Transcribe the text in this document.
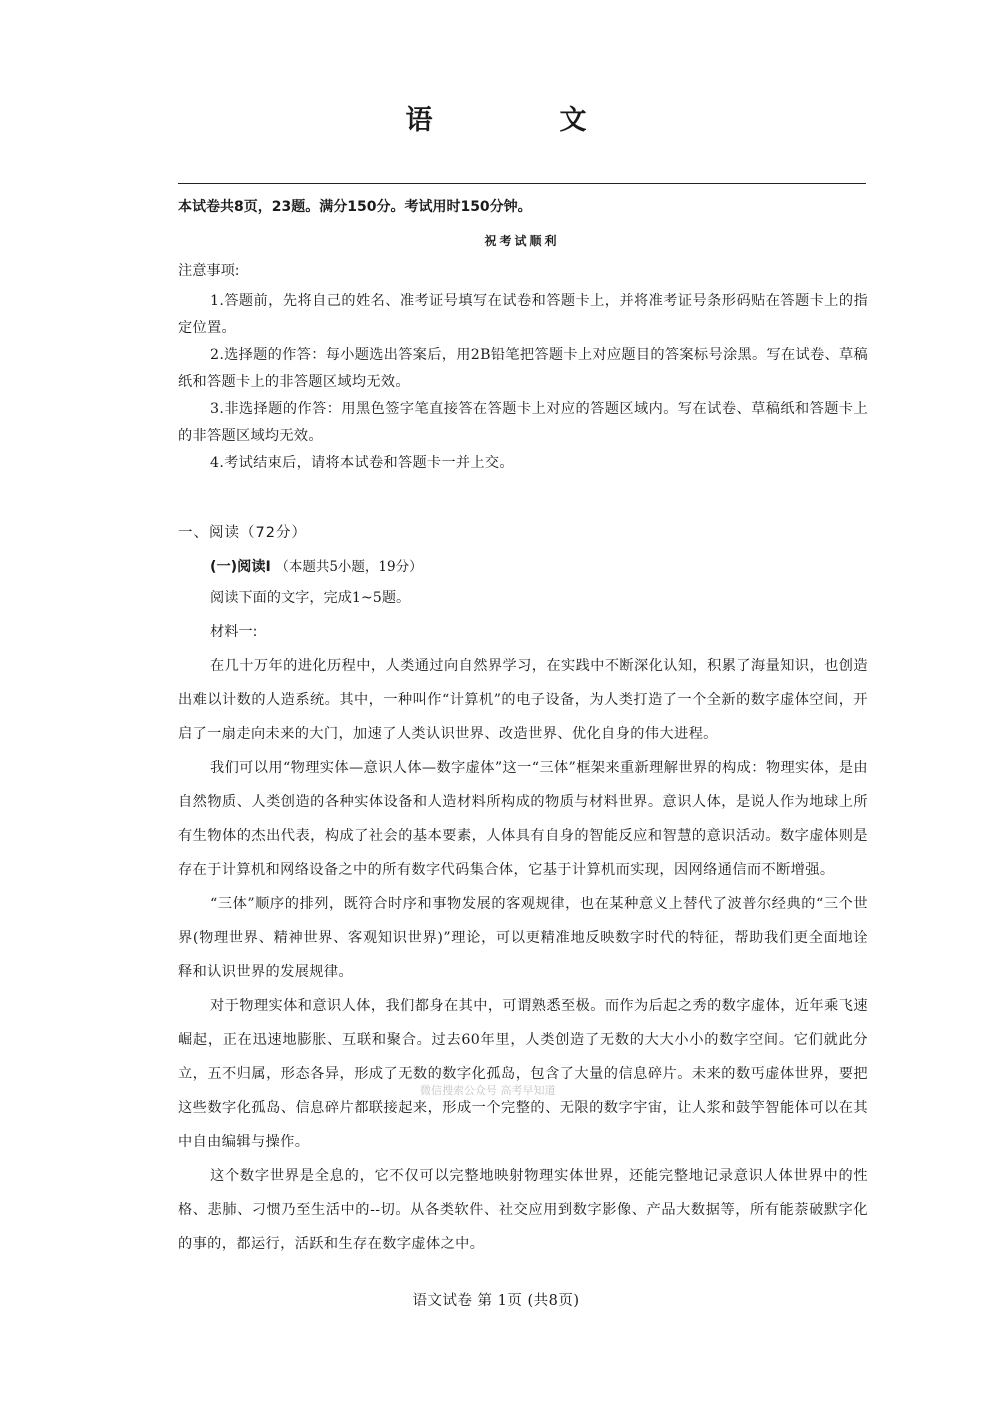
语　文
本试卷共8页，23题。满分150分。考试用时150分钟。
祝考试顺利
注意事项:

1.答题前，先将自己的姓名、准考证号填写在试卷和答题卡上，并将准考证号条形码贴在答题卡上的指定位置。

2.选择题的作答：每小题选出答案后，用2B铅笔把答题卡上对应题目的答案标号涂黑。写在试卷、草稿纸和答题卡上的非答题区域均无效。

3.非选择题的作答：用黑色签字笔直接答在答题卡上对应的答题区域内。写在试卷、草稿纸和答题卡上的非答题区域均无效。

4.考试结束后，请将本试卷和答题卡一并上交。

一、阅读（72分）
(一)阅读Ⅰ （本题共5小题，19分）
阅读下面的文字，完成1~5题。
材料一:

在几十万年的进化历程中，人类通过向自然界学习，在实践中不断深化认知，积累了海量知识，也创造出难以计数的人造系统。其中，一种叫作“计算机”的电子设备，为人类打造了一个全新的数字虚体空间，开启了一扇走向未来的大门，加速了人类认识世界、改造世界、优化自身的伟大进程。

我们可以用“物理实体—意识人体—数字虚体”这一“三体”框架来重新理解世界的构成：物理实体，是由自然物质、人类创造的各种实体设备和人造材料所构成的物质与材料世界。意识人体，是说人作为地球上所有生物体的杰出代表，构成了社会的基本要素，人体具有自身的智能反应和智慧的意识活动。数字虚体则是存在于计算机和网络设备之中的所有数字代码集合体，它基于计算机而实现，因网络通信而不断增强。

“三体”顺序的排列，既符合时序和事物发展的客观规律，也在某种意义上替代了波普尔经典的“三个世界(物理世界、精神世界、客观知识世界)”理论，可以更精准地反映数字时代的特征，帮助我们更全面地诠释和认识世界的发展规律。

对于物理实体和意识人体，我们都身在其中，可谓熟悉至极。而作为后起之秀的数字虚体，近年乘飞速崛起，正在迅速地膨胀、互联和聚合。过去60年里，人类创造了无数的大大小小的数字空间。它们就此分立，五不归属，形态各异，形成了无数的数字化孤岛，包含了大量的信息碎片。未来的数丐虚体世界，要把这些数字化孤岛、信息碎片都联接起来，形成一个完整的、无限的数字宇宙，让人浆和鼓竽智能体可以在其中自由编辑与操作。

这个数字世界是全息的，它不仅可以完整地映射物理实体世界，还能完整地记录意识人体世界中的性格、悲肺、刁惯乃至生活中的--切。从各类软件、社交应用到数字影像、产品大数据等，所有能萘破默字化的事的，都运行，活跃和生存在数字虚体之中。

微信搜索公众号 高考早知道
语文试卷 第 1页 (共8页)
